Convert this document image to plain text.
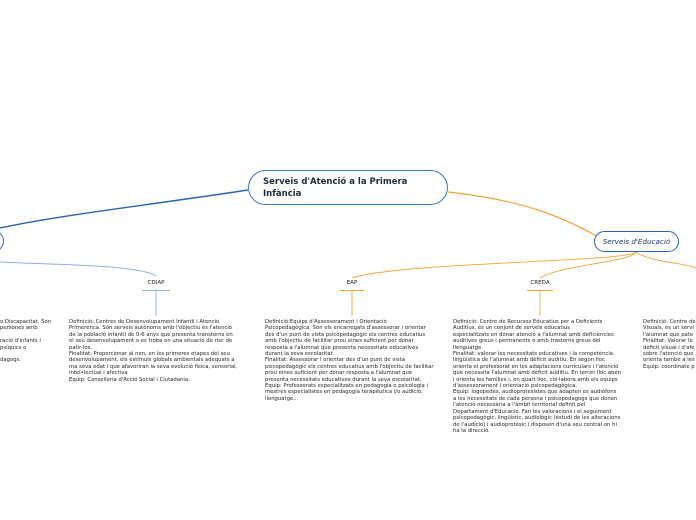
Serveis d'Atenció a la Primera
Infància
Serveis d'Educació
CDIAP	EAP	CREDA
o Discapacitat. Són
persones amb

ració d'infants i
psíquics o

dagogs.
Definició: Centres de Desenvolupament Infantil i Atenció
Primerenca. Són serveis autònoms amb l'objectiu és l'atenció
de la població infantil de 0-6 anys que presenta transtorns en
el seu desenvolupament o es troba en una situació de risc de
patir-los.
Finalitat: Proporcionar al nen, en les primeres etapes del seu
desenvolupament, els estímuls globals ambientals adequats a
ma seva edat i que afavoriran la seva evolució física, sensorial,
intel•lectual i afectiva
Equip: Conselleria d'Acció Social i Ciutadania.
Definició:Equips d'Assessorament i Orientació
Psicopedagògica. Són els encarregats d'assessorar i orientar
des d'un punt de vista psicopedagògic els centres educatius
amb l'objectiu de facilitar prou eines suficient per donar
resposta a l'alumnat que presenta necessitats educatives
durant la seva escolaritat.
Finalitat: Assessorar i orientar des d'un punt de vista
psicopedagògic els centres educatius amb l'objectiu de facilitar
prou eines suficient per donar resposta a l'alumnat que
presenta necessitats educatives durant la seva escolaritat.
Equip: Professorats especialitzats en pedagogia o psicologia i
mestres especialistes en pedagogia terapèutica i/o audició,
llenguatge...
Definició: Centre de Recursos Educatius per a Deficients
Auditius, és un conjunt de serveis educatius
especialitzats en donar atenció a l'alumnat amb deficiències
auditives greus i permanents o amb trastorns greus del
llenguatge.
Finalitat: valorar les necessitats educatives i la competència
lingüística de l'alumnat amb dèficit auditiu. En segon lloc
orienta el professorat en les adaptacions curriculars i l'atenció
que necessita l'alumnat amb dèficit auditiu. En tercer lloc abén
i orienta les families i, en quart lloc, col·labora amb els equips
d'assessorament i orientació psicopedagògica.
Equip: logopedes, audioprotesistes que adapten es audiòfons
a les necessitats de cada persona i psicopedagogs que donen
l'atenció necessària a l'àmbit territorial definit pel
Departament d'Educació. Fan les valoracions i el seguiment
psicopedagògic, lingüístic, audiològic (estudi de les alteracions
de l'audició) i audioprotèsic i disposen d'una seu central on hi
ha la direcció.
Definició: Centre de
Visuals, és un servi
l'alumnat que pate
Finalitat: Valorar le
dèficit visual i d'afe
sobre l'atenció que
orienta també a les
Equip: coordinate p
